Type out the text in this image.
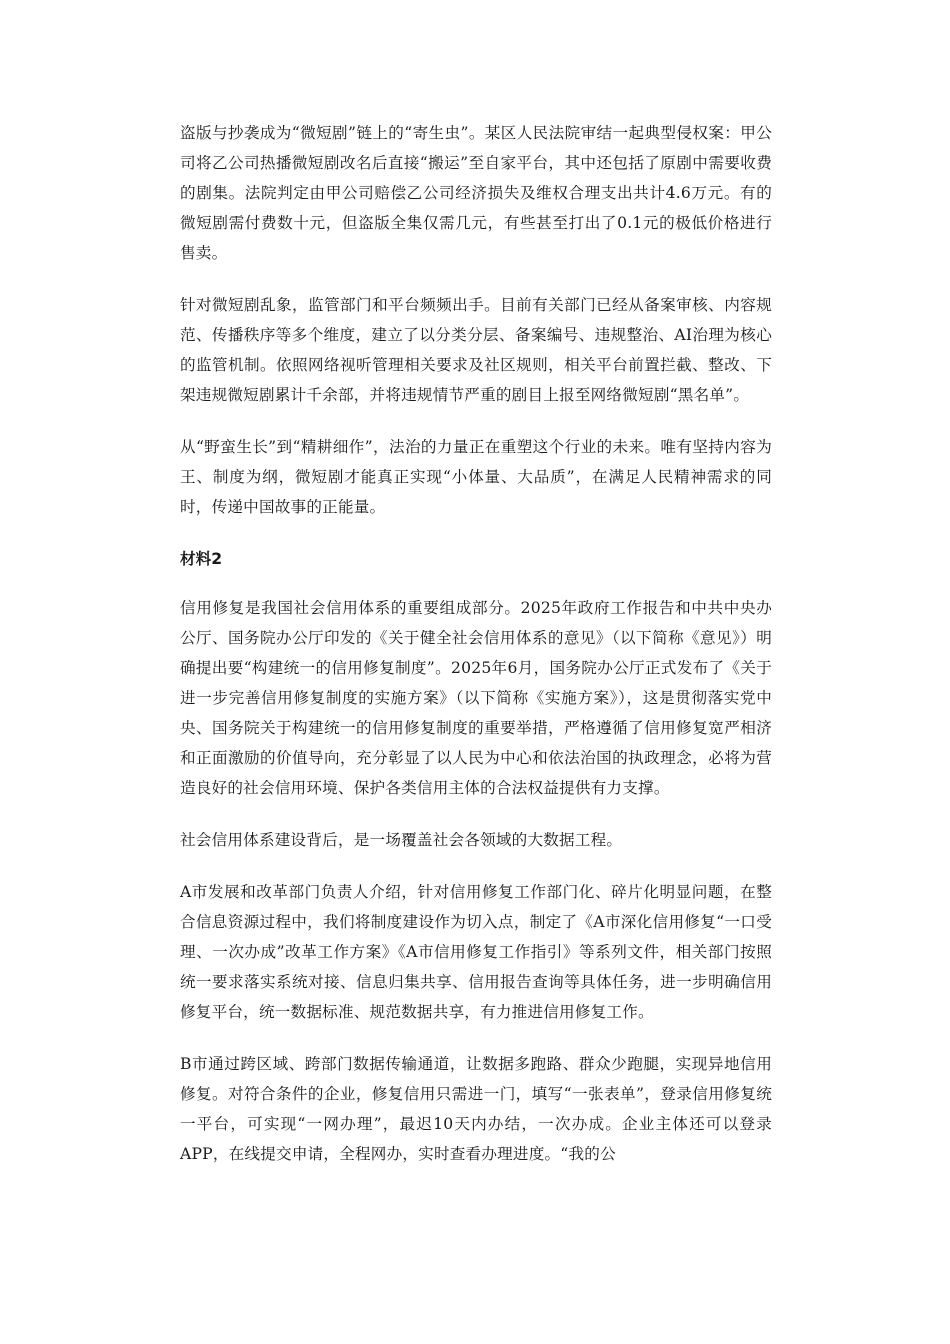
盗版与抄袭成为“微短剧”链上的“寄生虫”。某区人民法院审结一起典型侵权案：甲公司将乙公司热播微短剧改名后直接“搬运”至自家平台，其中还包括了原剧中需要收费的剧集。法院判定由甲公司赔偿乙公司经济损失及维权合理支出共计4.6万元。有的微短剧需付费数十元，但盗版全集仅需几元，有些甚至打出了0.1元的极低价格进行售卖。

针对微短剧乱象，监管部门和平台频频出手。目前有关部门已经从备案审核、内容规范、传播秩序等多个维度，建立了以分类分层、备案编号、违规整治、AI治理为核心的监管机制。依照网络视听管理相关要求及社区规则，相关平台前置拦截、整改、下架违规微短剧累计千余部，并将违规情节严重的剧目上报至网络微短剧“黑名单”。

从“野蛮生长”到“精耕细作”，法治的力量正在重塑这个行业的未来。唯有坚持内容为王、制度为纲，微短剧才能真正实现“小体量、大品质”，在满足人民精神需求的同时，传递中国故事的正能量。

材料2

信用修复是我国社会信用体系的重要组成部分。2025年政府工作报告和中共中央办公厅、国务院办公厅印发的《关于健全社会信用体系的意见》（以下简称《意见》）明确提出要“构建统一的信用修复制度”。2025年6月，国务院办公厅正式发布了《关于进一步完善信用修复制度的实施方案》（以下简称《实施方案》），这是贯彻落实党中央、国务院关于构建统一的信用修复制度的重要举措，严格遵循了信用修复宽严相济和正面激励的价值导向，充分彰显了以人民为中心和依法治国的执政理念，必将为营造良好的社会信用环境、保护各类信用主体的合法权益提供有力支撑。

社会信用体系建设背后，是一场覆盖社会各领域的大数据工程。

A市发展和改革部门负责人介绍，针对信用修复工作部门化、碎片化明显问题，在整合信息资源过程中，我们将制度建设作为切入点，制定了《A市深化信用修复“一口受理、一次办成”改革工作方案》《A市信用修复工作指引》等系列文件，相关部门按照统一要求落实系统对接、信息归集共享、信用报告查询等具体任务，进一步明确信用修复平台，统一数据标准、规范数据共享，有力推进信用修复工作。

B市通过跨区域、跨部门数据传输通道，让数据多跑路、群众少跑腿，实现异地信用修复。对符合条件的企业，修复信用只需进一门，填写“一张表单”，登录信用修复统一平台，可实现“一网办理”，最迟10天内办结，一次办成。企业主体还可以登录APP，在线提交申请，全程网办，实时查看办理进度。“我的公
